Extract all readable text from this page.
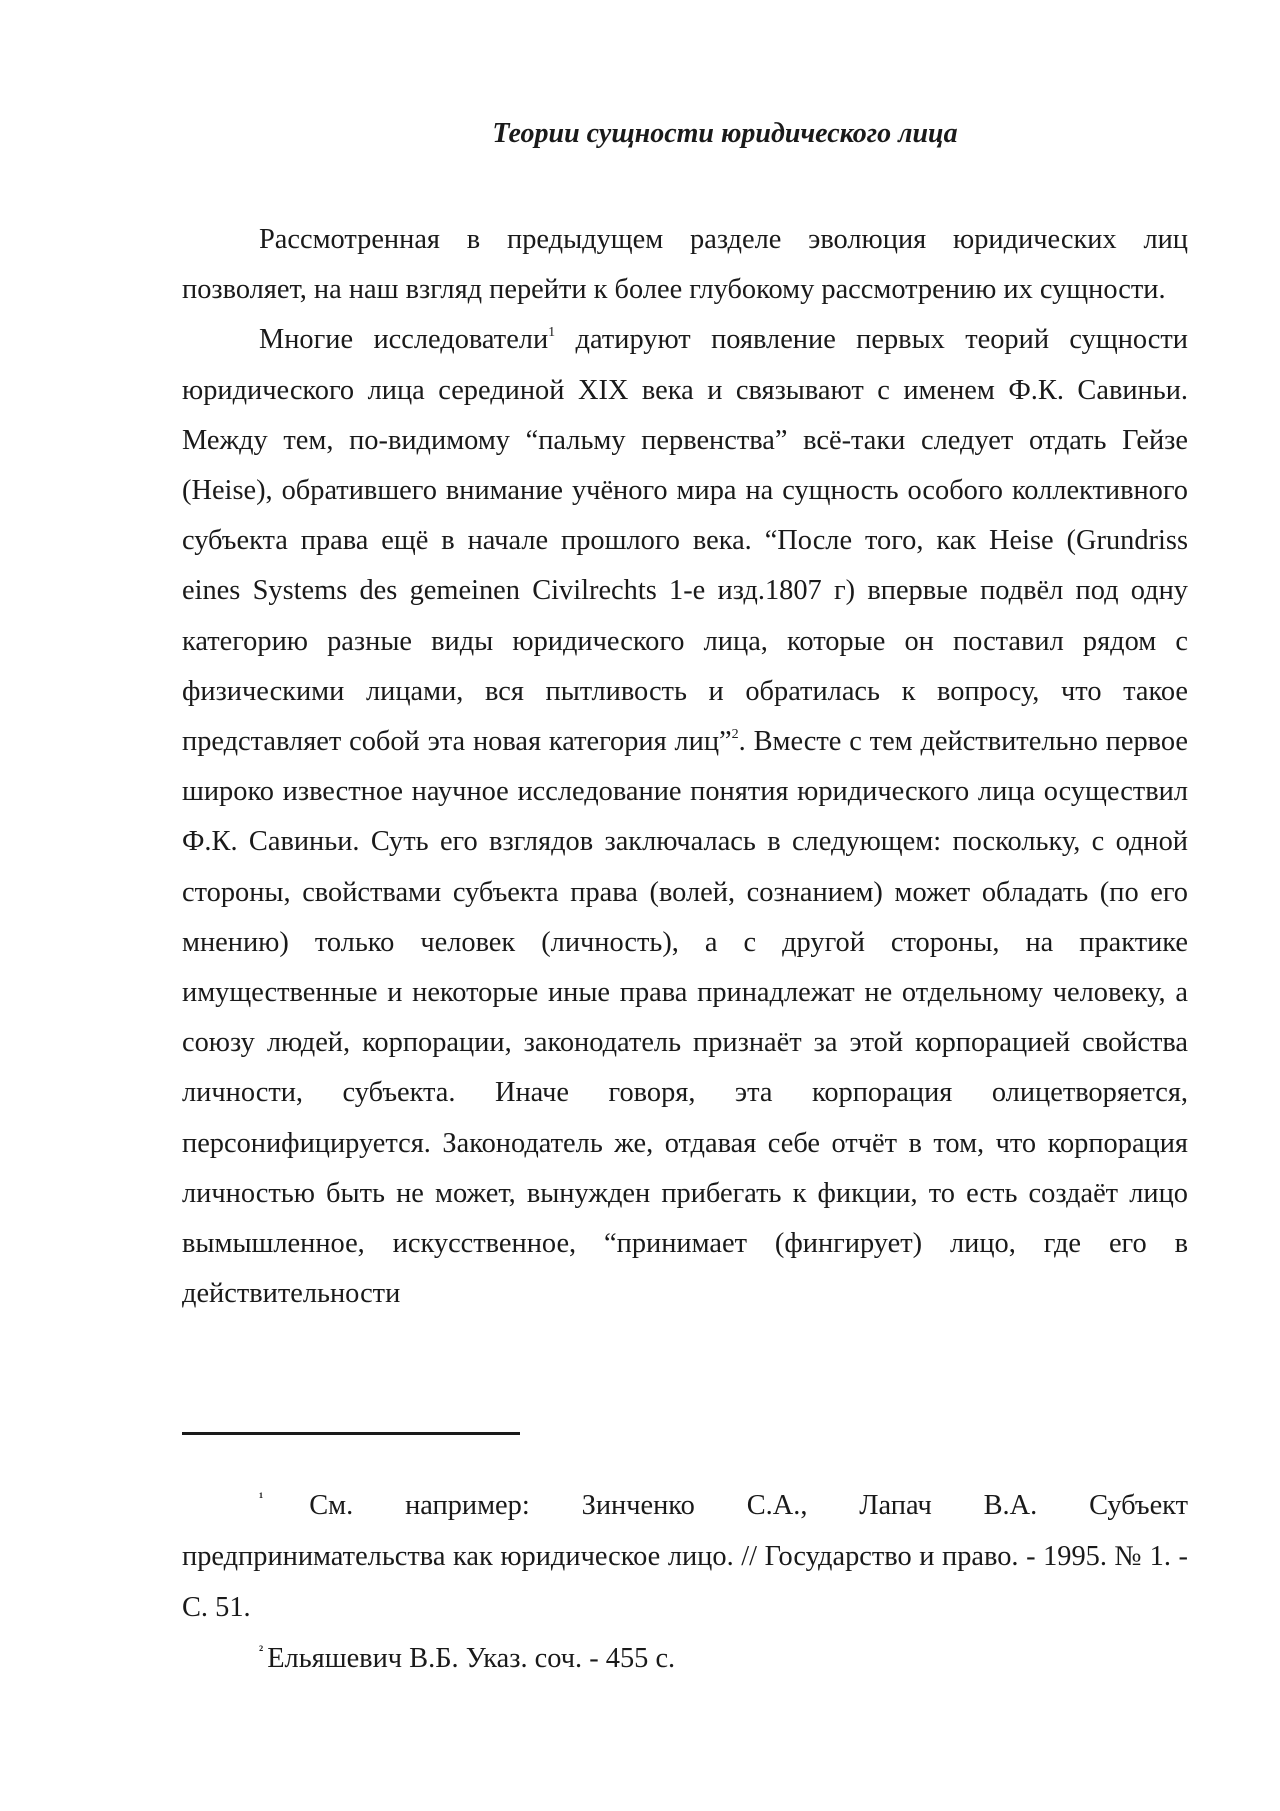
Теории сущности юридического лица

Рассмотренная в предыдущем разделе эволюция юридических лиц позволяет, на наш взгляд перейти к более глубокому рассмотрению их сущности.

Многие исследователи$^1$ датируют появление первых теорий сущности юридического лица серединой XIX века и связывают с именем Ф.К. Савиньи. Между тем, по-видимому “пальму первенства” всё-таки следует отдать Гейзе (Heise), обратившего внимание учёного мира на сущность особого коллективного субъекта права ещё в начале прошлого века. “После того, как Heise (Grundriss eines Systems des gemeinen Civilrechts 1-е изд.1807 г) впервые подвёл под одну категорию разные виды юридического лица, которые он поставил рядом с физическими лицами, вся пытливость и обратилась к вопросу, что такое представляет собой эта новая категория лиц”$^2$. Вместе с тем действительно первое широко известное научное исследование понятия юридического лица осуществил Ф.К. Савиньи. Суть его взглядов заключалась в следующем: поскольку, с одной стороны, свойствами субъекта права (волей, сознанием) может обладать (по его мнению) только человек (личность), а с другой стороны, на практике имущественные и некоторые иные права принадлежат не отдельному человеку, а союзу людей, корпорации, законодатель признаёт за этой корпорацией свойства личности, субъекта. Иначе говоря, эта корпорация олицетворяется, персонифицируется. Законодатель же, отдавая себе отчёт в том, что корпорация личностью быть не может, вынужден прибегать к фикции, то есть создаёт лицо вымышленное, искусственное, “принимает (фингирует) лицо, где его в действительности

$^{^1}$ См. например: Зинченко С.А., Лапач В.А. Субъект предпринимательства как юридическое лицо. // Государство и право. - 1995. № 1. - С. 51.

$^{^2}$ Ельяшевич В.Б. Указ. соч. - 455 с.
